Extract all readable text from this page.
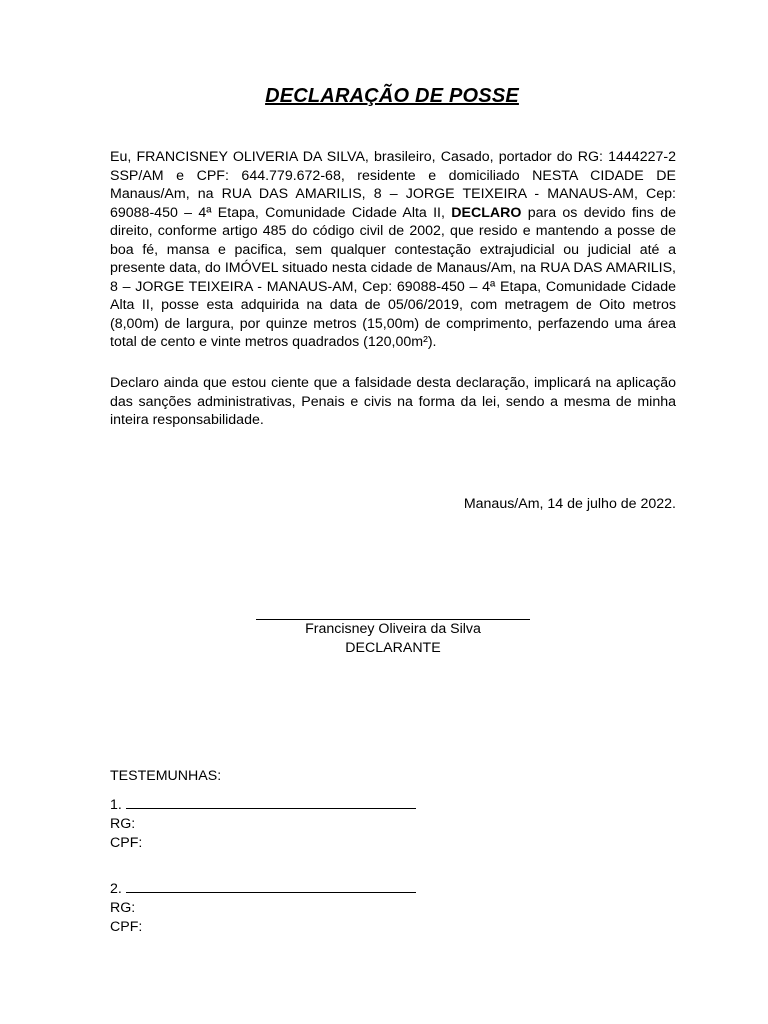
DECLARAÇÃO DE POSSE

Eu, FRANCISNEY OLIVERIA DA SILVA, brasileiro, Casado, portador do RG: 1444227-2 SSP/AM e CPF: 644.779.672-68, residente e domiciliado NESTA CIDADE DE Manaus/Am, na RUA DAS AMARILIS, 8 – JORGE TEIXEIRA - MANAUS-AM, Cep: 69088-450 – 4ª Etapa, Comunidade Cidade Alta II, DECLARO para os devido fins de direito, conforme artigo 485 do código civil de 2002, que resido e mantendo a posse de boa fé, mansa e pacifica, sem qualquer contestação extrajudicial ou judicial até a presente data, do IMÓVEL situado nesta cidade de Manaus/Am, na RUA DAS AMARILIS, 8 – JORGE TEIXEIRA - MANAUS-AM, Cep: 69088-450 – 4ª Etapa, Comunidade Cidade Alta II, posse esta adquirida na data de 05/06/2019, com metragem de Oito metros (8,00m) de largura, por quinze metros (15,00m) de comprimento, perfazendo uma área total de cento e vinte metros quadrados (120,00m²).

Declaro ainda que estou ciente que a falsidade desta declaração, implicará na aplicação das sanções administrativas, Penais e civis na forma da lei, sendo a mesma de minha inteira responsabilidade.

Manaus/Am, 14 de julho de 2022.
Francisney Oliveira da Silva
DECLARANTE
TESTEMUNHAS:
1.
RG:
CPF:
2.
RG:
CPF:
